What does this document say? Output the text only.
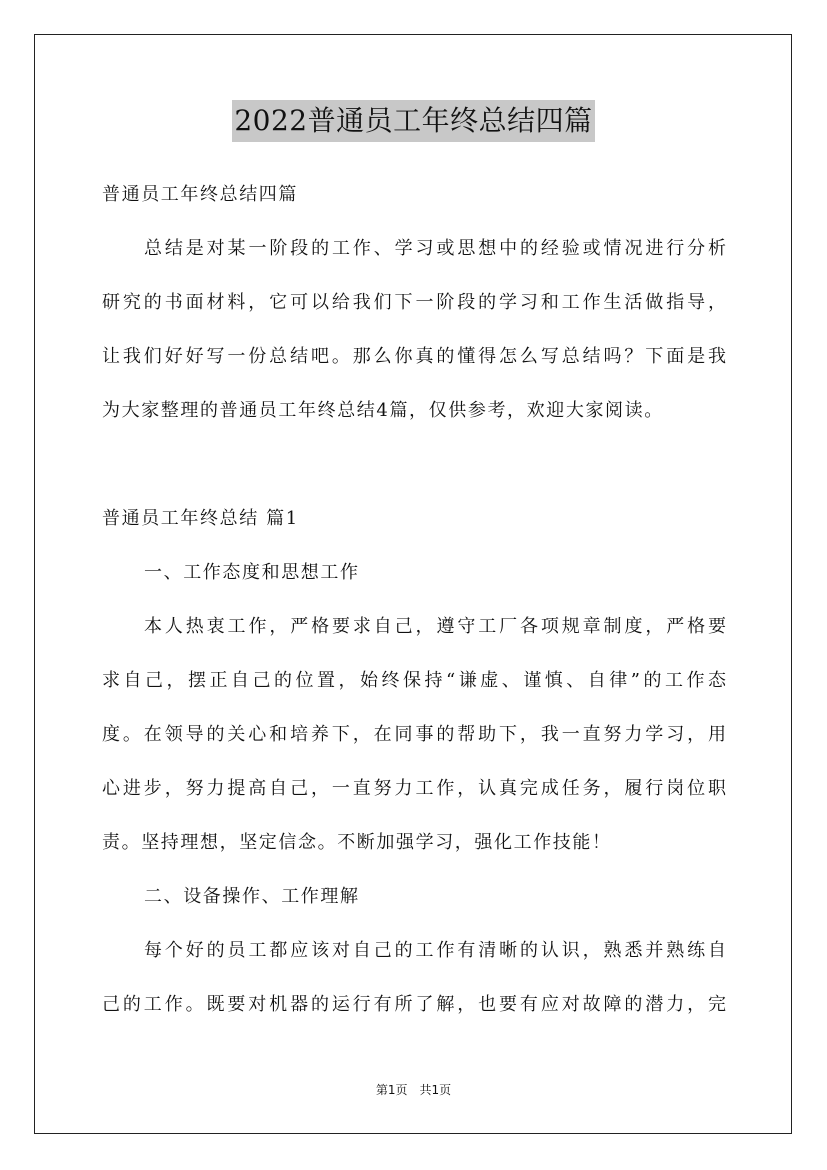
2022普通员工年终总结四篇
普通员工年终总结四篇
总结是对某一阶段的工作、学习或思想中的经验或情况进行分析
研究的书面材料，它可以给我们下一阶段的学习和工作生活做指导，
让我们好好写一份总结吧。那么你真的懂得怎么写总结吗？下面是我
为大家整理的普通员工年终总结4篇，仅供参考，欢迎大家阅读。
普通员工年终总结 篇1
一、工作态度和思想工作
本人热衷工作，严格要求自己，遵守工厂各项规章制度，严格要
求自己，摆正自己的位置，始终保持“谦虚、谨慎、自律”的工作态
度。在领导的关心和培养下，在同事的帮助下，我一直努力学习，用
心进步，努力提高自己，一直努力工作，认真完成任务，履行岗位职
责。坚持理想，坚定信念。不断加强学习，强化工作技能！
二、设备操作、工作理解
每个好的员工都应该对自己的工作有清晰的认识，熟悉并熟练自
己的工作。既要对机器的运行有所了解，也要有应对故障的潜力，完
第1页　共1页
